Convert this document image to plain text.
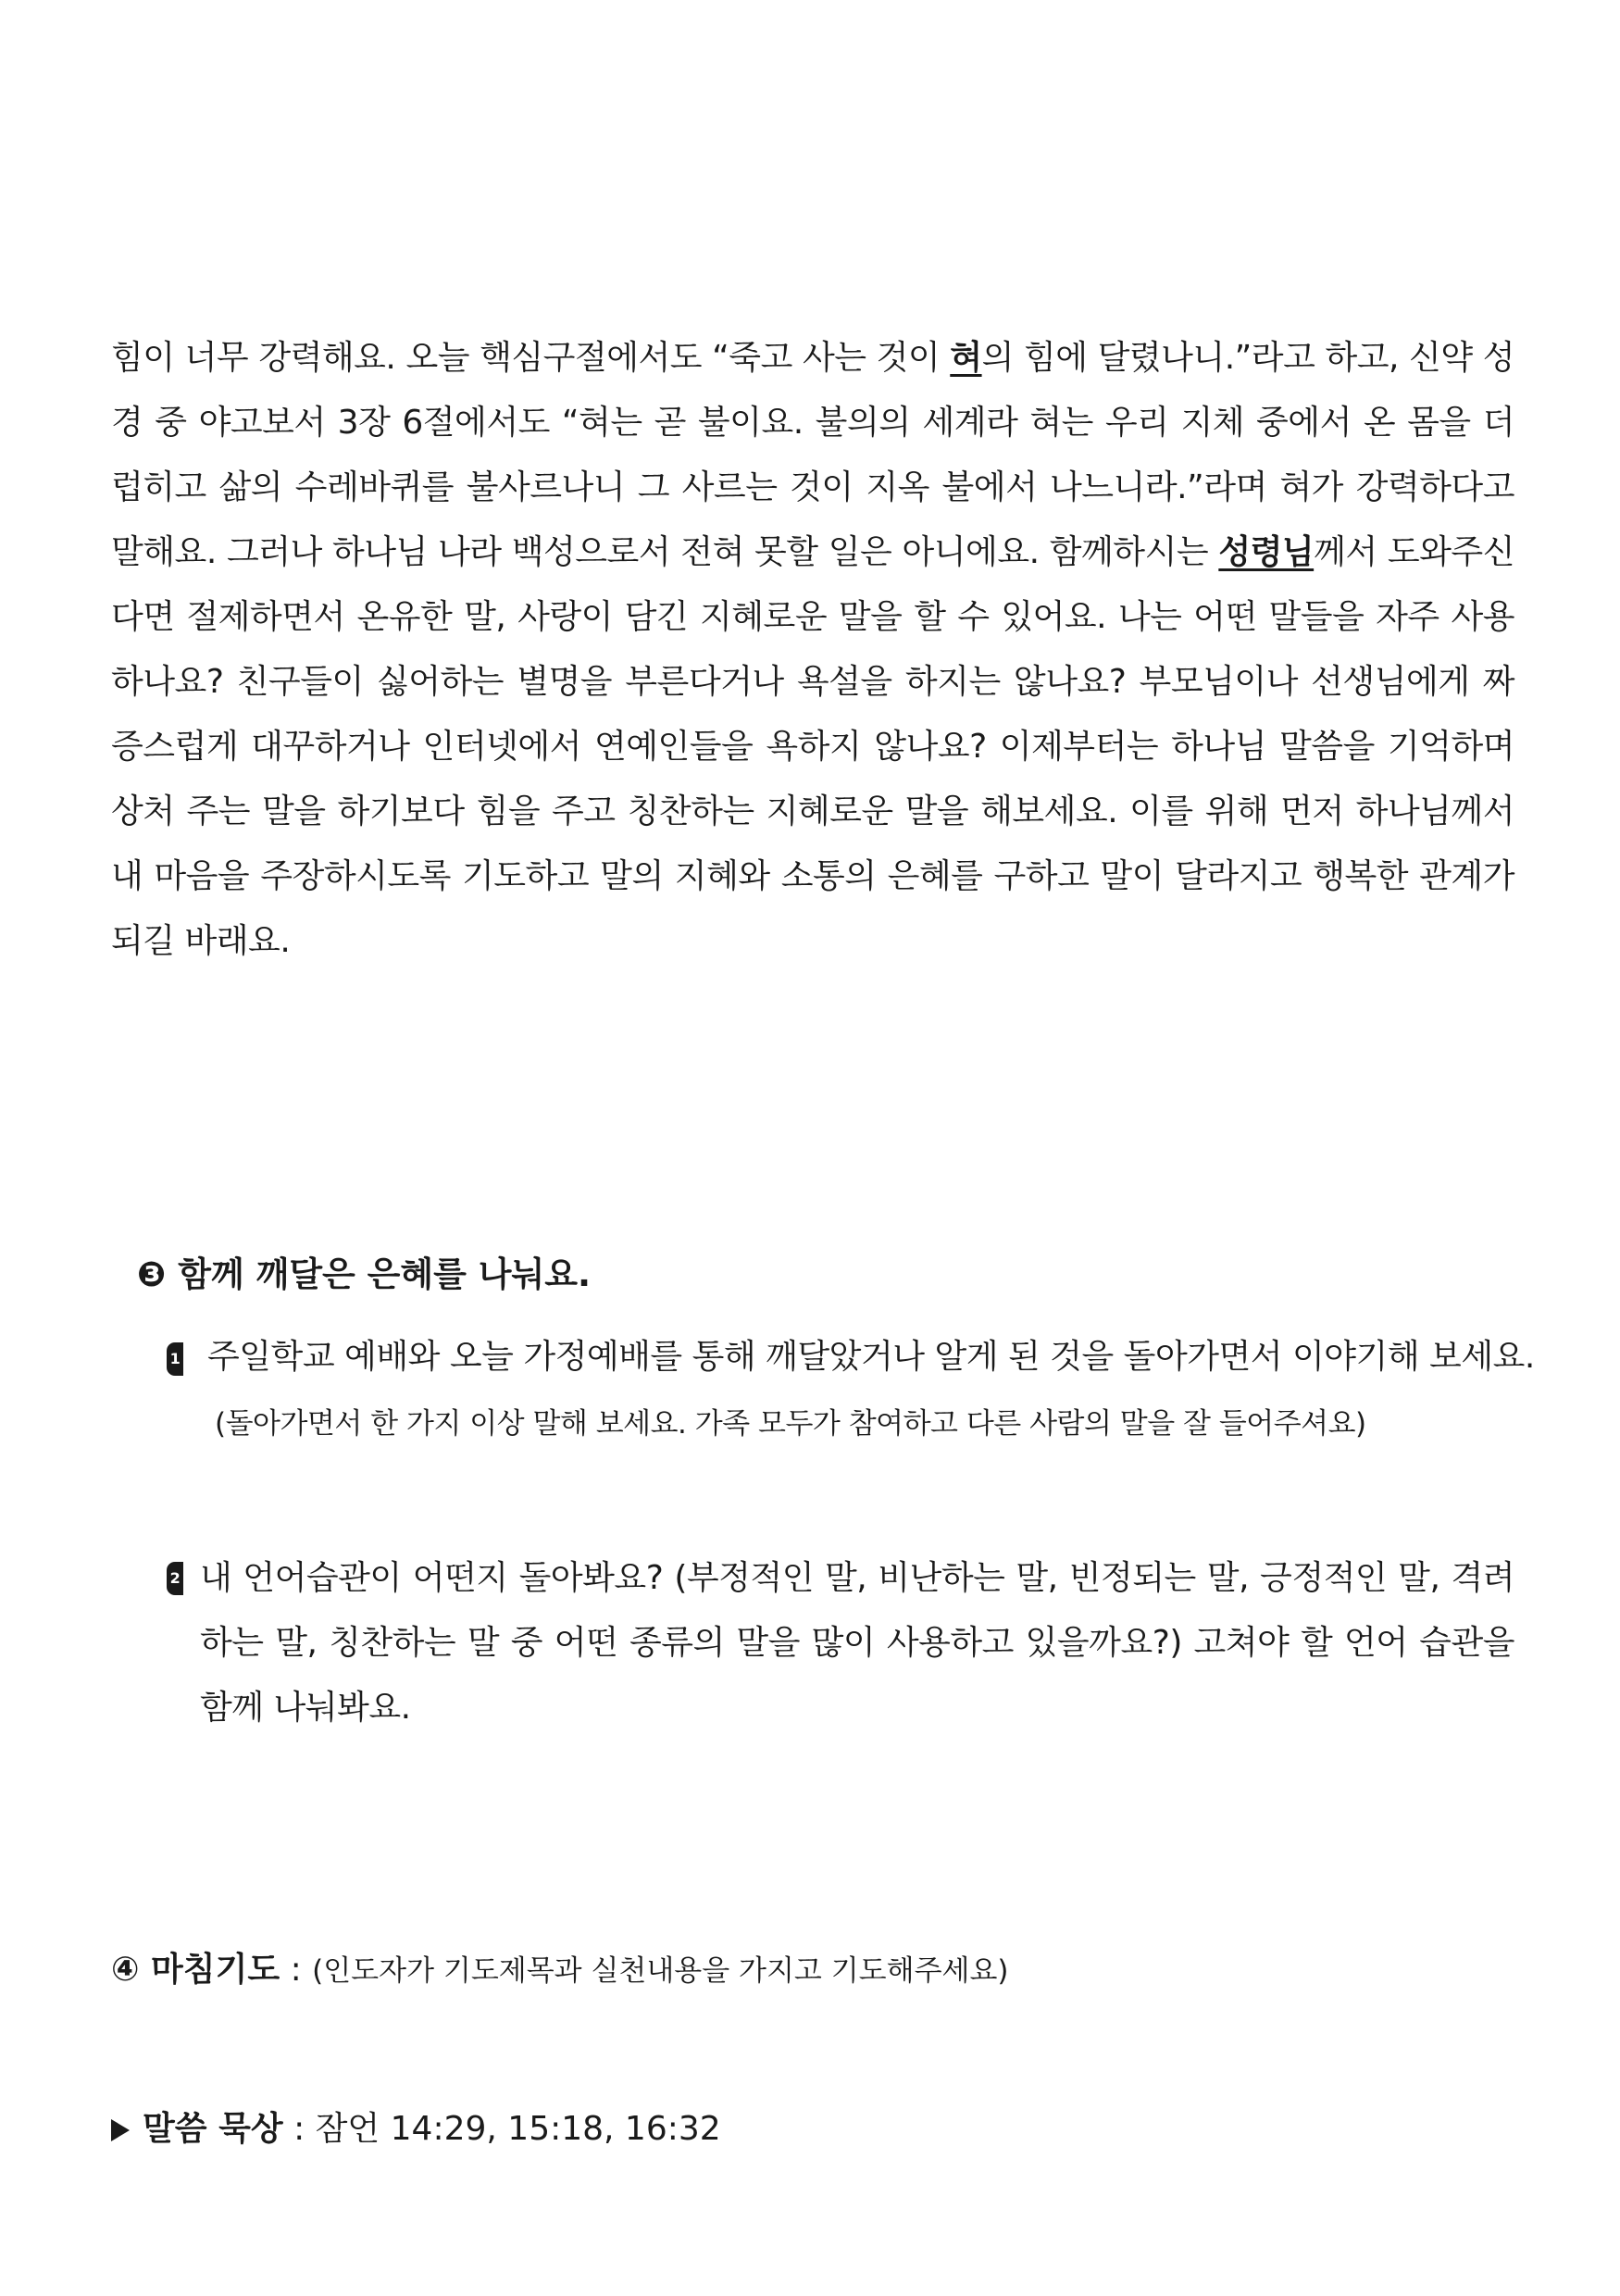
힘이 너무 강력해요. 오늘 핵심구절에서도 “죽고 사는 것이 혀의 힘에 달렸나니.”라고 하고, 신약 성경 중 야고보서 3장 6절에서도 “혀는 곧 불이요. 불의의 세계라 혀는 우리 지체 중에서 온 몸을 더럽히고 삶의 수레바퀴를 불사르나니 그 사르는 것이 지옥 불에서 나느니라.”라며 혀가 강력하다고 말해요. 그러나 하나님 나라 백성으로서 전혀 못할 일은 아니에요. 함께하시는 성령님께서 도와주신다면 절제하면서 온유한 말, 사랑이 담긴 지혜로운 말을 할 수 있어요. 나는 어떤 말들을 자주 사용하나요? 친구들이 싫어하는 별명을 부른다거나 욕설을 하지는 않나요? 부모님이나 선생님에게 짜증스럽게 대꾸하거나 인터넷에서 연예인들을 욕하지 않나요? 이제부터는 하나님 말씀을 기억하며 상처 주는 말을 하기보다 힘을 주고 칭찬하는 지혜로운 말을 해보세요. 이를 위해 먼저 하나님께서 내 마음을 주장하시도록 기도하고 말의 지혜와 소통의 은혜를 구하고 말이 달라지고 행복한 관계가 되길 바래요.

❸ 함께 깨달은 은혜를 나눠요.

1 주일학교 예배와 오늘 가정예배를 통해 깨달았거나 알게 된 것을 돌아가면서 이야기해 보세요.
(돌아가면서 한 가지 이상 말해 보세요. 가족 모두가 참여하고 다른 사람의 말을 잘 들어주셔요)
2 내 언어습관이 어떤지 돌아봐요? (부정적인 말, 비난하는 말, 빈정되는 말, 긍정적인 말, 격려하는 말, 칭찬하는 말 중 어떤 종류의 말을 많이 사용하고 있을까요?) 고쳐야 할 언어 습관을 함께 나눠봐요.

④ 마침기도 : (인도자가 기도제목과 실천내용을 가지고 기도해주세요)
말씀 묵상 : 잠언 14:29, 15:18, 16:32
